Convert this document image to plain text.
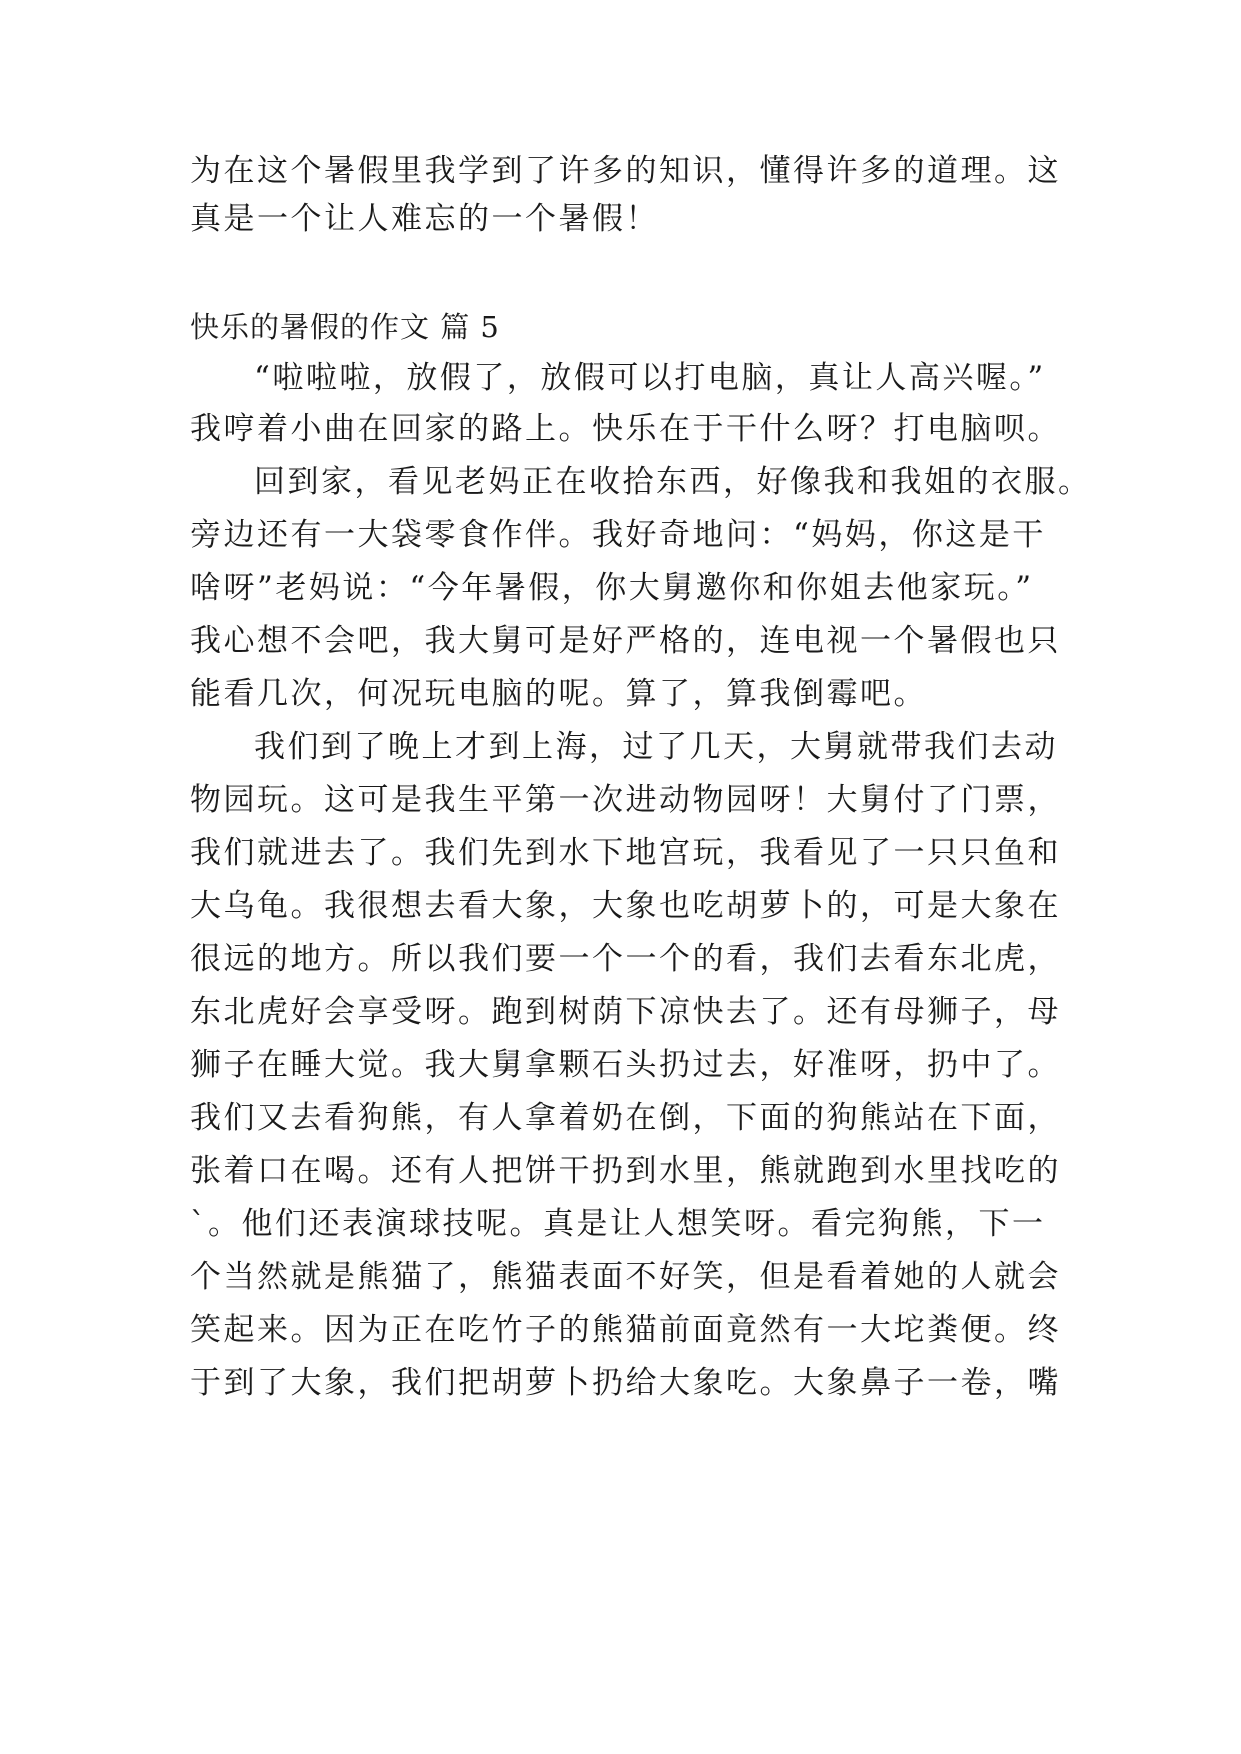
为在这个暑假里我学到了许多的知识，懂得许多的道理。这
真是一个让人难忘的一个暑假！
快乐的暑假的作文 篇 5
“啦啦啦，放假了，放假可以打电脑，真让人高兴喔。”
我哼着小曲在回家的路上。快乐在于干什么呀？打电脑呗。
回到家，看见老妈正在收拾东西，好像我和我姐的衣服。
旁边还有一大袋零食作伴。我好奇地问：“妈妈，你这是干
啥呀”老妈说：“今年暑假，你大舅邀你和你姐去他家玩。”
我心想不会吧，我大舅可是好严格的，连电视一个暑假也只
能看几次，何况玩电脑的呢。算了，算我倒霉吧。
我们到了晚上才到上海，过了几天，大舅就带我们去动
物园玩。这可是我生平第一次进动物园呀！大舅付了门票，
我们就进去了。我们先到水下地宫玩，我看见了一只只鱼和
大乌龟。我很想去看大象，大象也吃胡萝卜的，可是大象在
很远的地方。所以我们要一个一个的看，我们去看东北虎，
东北虎好会享受呀。跑到树荫下凉快去了。还有母狮子，母
狮子在睡大觉。我大舅拿颗石头扔过去，好准呀，扔中了。
我们又去看狗熊，有人拿着奶在倒，下面的狗熊站在下面，
张着口在喝。还有人把饼干扔到水里，熊就跑到水里找吃的
`。他们还表演球技呢。真是让人想笑呀。看完狗熊，下一
个当然就是熊猫了，熊猫表面不好笑，但是看着她的人就会
笑起来。因为正在吃竹子的熊猫前面竟然有一大坨粪便。终
于到了大象，我们把胡萝卜扔给大象吃。大象鼻子一卷，嘴
